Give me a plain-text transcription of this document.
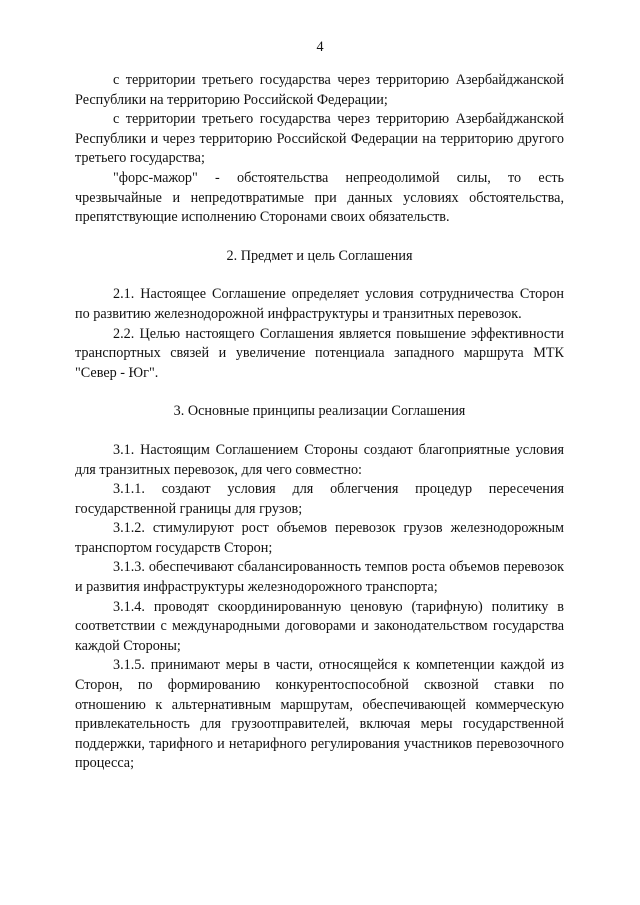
4

с территории третьего государства через территорию Азербайджанской Республики на территорию Российской Федерации;

с территории третьего государства через территорию Азербайджанской Республики и через территорию Российской Федерации на территорию другого третьего государства;

"форс-мажор" - обстоятельства непреодолимой силы, то есть чрезвычайные и непредотвратимые при данных условиях обстоятельства, препятствующие исполнению Сторонами своих обязательств.

2. Предмет и цель Соглашения

2.1. Настоящее Соглашение определяет условия сотрудничества Сторон по развитию железнодорожной инфраструктуры и транзитных перевозок.

2.2. Целью настоящего Соглашения является повышение эффективности транспортных связей и увеличение потенциала западного маршрута МТК "Север - Юг".

3. Основные принципы реализации Соглашения

3.1. Настоящим Соглашением Стороны создают благоприятные условия для транзитных перевозок, для чего совместно:

3.1.1. создают условия для облегчения процедур пересечения государственной границы для грузов;

3.1.2. стимулируют рост объемов перевозок грузов железнодорожным транспортом государств Сторон;

3.1.3. обеспечивают сбалансированность темпов роста объемов перевозок и развития инфраструктуры железнодорожного транспорта;

3.1.4. проводят скоординированную ценовую (тарифную) политику в соответствии с международными договорами и законодательством государства каждой Стороны;

3.1.5. принимают меры в части, относящейся к компетенции каждой из Сторон, по формированию конкурентоспособной сквозной ставки по отношению к альтернативным маршрутам, обеспечивающей коммерческую привлекательность для грузоотправителей, включая меры государственной поддержки, тарифного и нетарифного регулирования участников перевозочного процесса;
